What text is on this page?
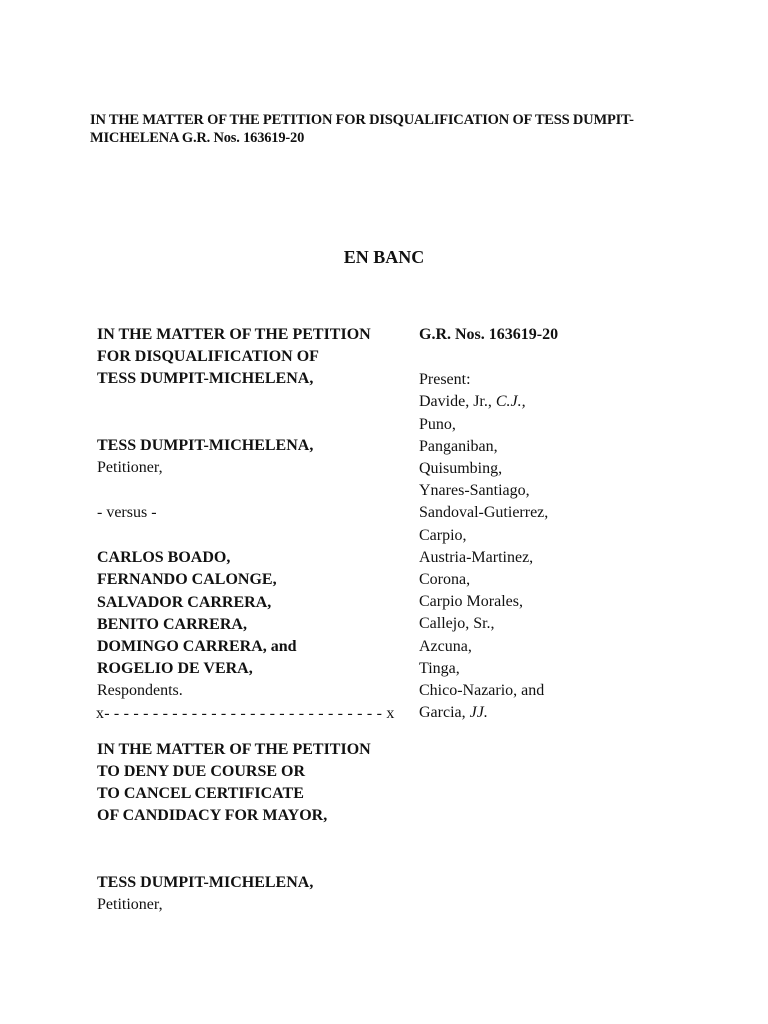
IN THE MATTER OF THE PETITION FOR DISQUALIFICATION OF TESS DUMPIT-
MICHELENA G.R. Nos. 163619-20
EN BANC
IN THE MATTER OF THE PETITION
FOR DISQUALIFICATION OF
TESS DUMPIT-MICHELENA,
TESS DUMPIT-MICHELENA,
Petitioner,
- versus -
CARLOS BOADO,
FERNANDO CALONGE,
SALVADOR CARRERA,
BENITO CARRERA,
DOMINGO CARRERA, and
ROGELIO DE VERA,
Respondents.
x- - - - - - - - - - - - - - - - - - - - - - - - - - - - - x
IN THE MATTER OF THE PETITION
TO DENY DUE COURSE OR
TO CANCEL CERTIFICATE
OF CANDIDACY FOR MAYOR,
TESS DUMPIT-MICHELENA,
Petitioner,
G.R. Nos. 163619-20
Present:
Davide, Jr., C.J.,
Puno,
Panganiban,
Quisumbing,
Ynares-Santiago,
Sandoval-Gutierrez,
Carpio,
Austria-Martinez,
Corona,
Carpio Morales,
Callejo, Sr.,
Azcuna,
Tinga,
Chico-Nazario, and
Garcia, JJ.
